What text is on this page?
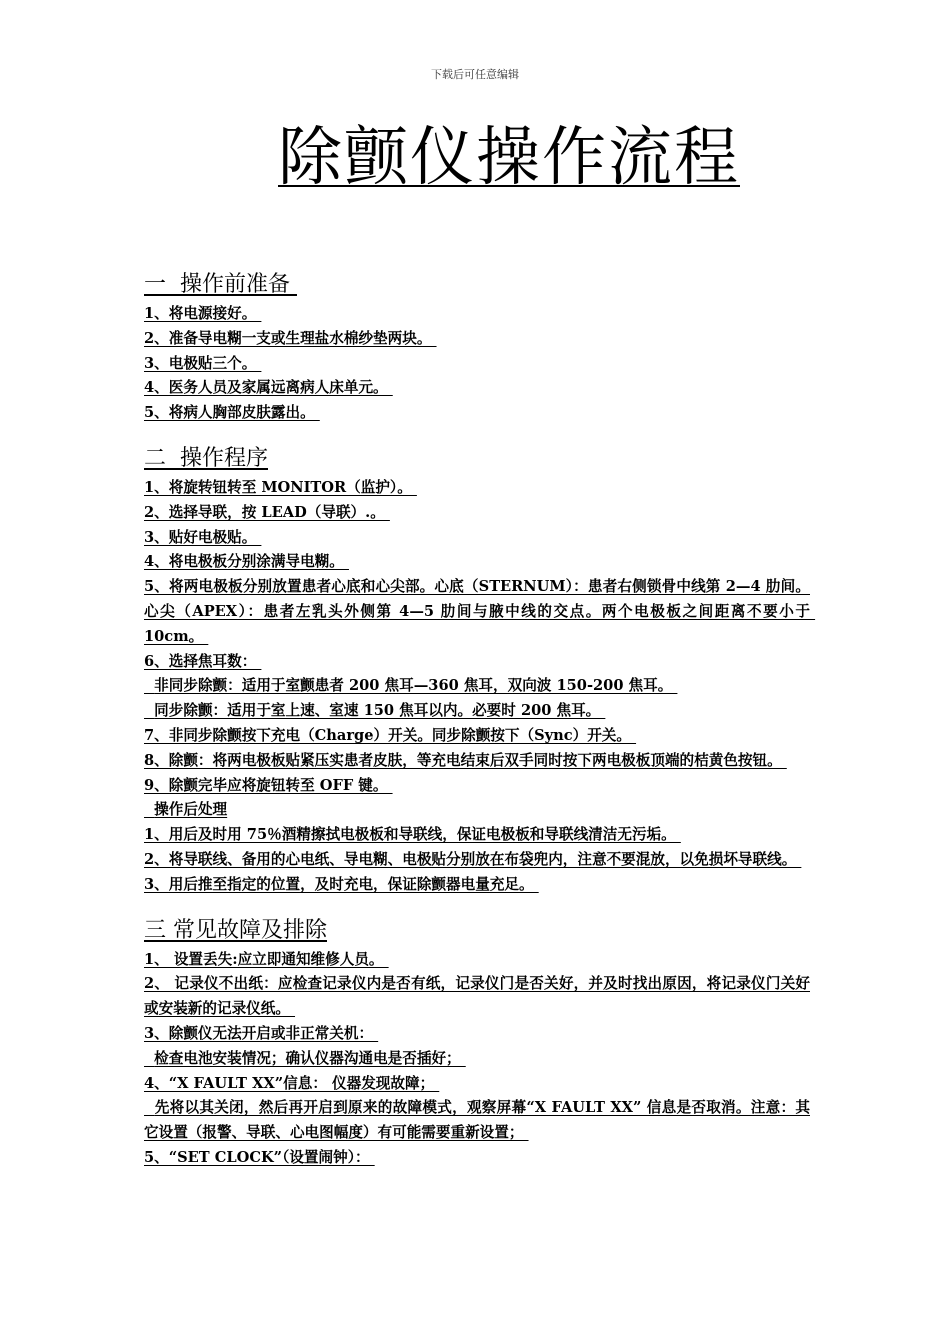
下载后可任意编辑
除颤仪操作流程
一  操作前准备
1、将电源接好。
2、准备导电糊一支或生理盐水棉纱垫两块。
3、电极贴三个。
4、医务人员及家属远离病人床单元。
5、将病人胸部皮肤露出。
二  操作程序
1、将旋转钮转至 MONITOR（监护）。
2、选择导联，按 LEAD（导联）.。
3、贴好电极贴。
4、将电极板分别涂满导电糊。
5、将两电极板分别放置患者心底和心尖部。心底（STERNUM）：患者右侧锁骨中线第 2—4 肋间。心尖（APEX）：患者左乳头外侧第 4—5 肋间与腋中线的交点。两个电极板之间距离不要小于 10cm。
6、选择焦耳数：
非同步除颤：适用于室颤患者 200 焦耳—360 焦耳，双向波 150-200 焦耳。
同步除颤：适用于室上速、室速 150 焦耳以内。必要时 200 焦耳。
7、非同步除颤按下充电（Charge）开关。同步除颤按下（Sync）开关。
8、除颤：将两电极板贴紧压实患者皮肤，等充电结束后双手同时按下两电极板顶端的桔黄色按钮。
9、除颤完毕应将旋钮转至 OFF 键。
操作后处理
1、用后及时用 75％酒精擦拭电极板和导联线，保证电极板和导联线清洁无污垢。
2、将导联线、备用的心电纸、导电糊、电极贴分别放在布袋兜内，注意不要混放，以免损坏导联线。
3、用后推至指定的位置，及时充电，保证除颤器电量充足。
三 常见故障及排除
1、 设置丢失:应立即通知维修人员。
2、 记录仪不出纸：应检查记录仪内是否有纸，记录仪门是否关好，并及时找出原因，将记录仪门关好或安装新的记录仪纸。
3、除颤仪无法开启或非正常关机：
检查电池安装情况；确认仪器沟通电是否插好；
4、“X FAULT XX”信息： 仪器发现故障；
先将以其关闭，然后再开启到原来的故障模式，观察屏幕“X FAULT XX” 信息是否取消。注意：其它设置（报警、导联、心电图幅度）有可能需要重新设置；
5、“SET CLOCK”（设置闹钟）：
